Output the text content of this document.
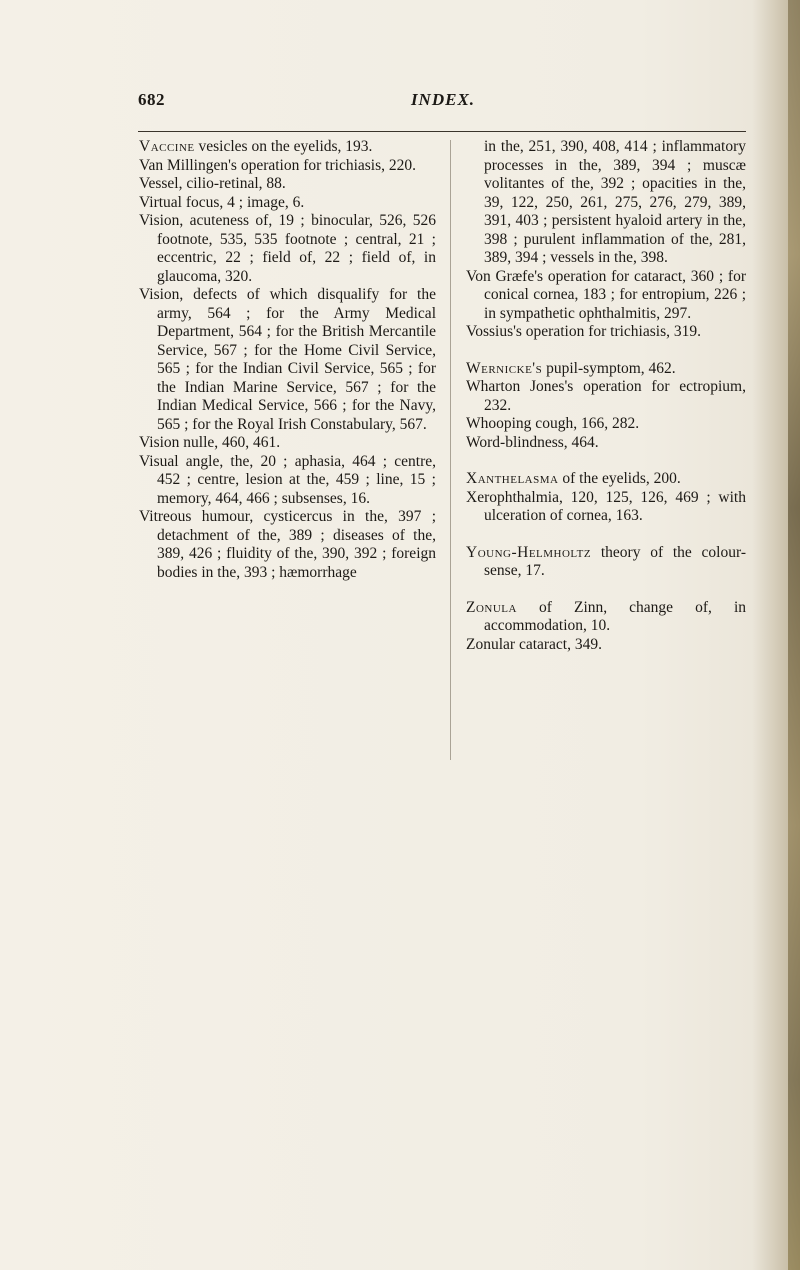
682	INDEX.

Vaccine vesicles on the eyelids, 193.

Van Millingen's operation for trichiasis, 220.

Vessel, cilio-retinal, 88.

Virtual focus, 4 ; image, 6.

Vision, acuteness of, 19 ; binocular, 526, 526 footnote, 535, 535 footnote ; central, 21 ; eccentric, 22 ; field of, 22 ; field of, in glaucoma, 320.

Vision, defects of which disqualify for the army, 564 ; for the Army Medical Department, 564 ; for the British Mercantile Service, 567 ; for the Home Civil Service, 565 ; for the Indian Civil Service, 565 ; for the Indian Marine Service, 567 ; for the Indian Medical Service, 566 ; for the Navy, 565 ; for the Royal Irish Constabulary, 567.

Vision nulle, 460, 461.

Visual angle, the, 20 ; aphasia, 464 ; centre, 452 ; centre, lesion at the, 459 ; line, 15 ; memory, 464, 466 ; subsenses, 16.

Vitreous humour, cysticercus in the, 397 ; detachment of the, 389 ; diseases of the, 389, 426 ; fluidity of the, 390, 392 ; foreign bodies in the, 393 ; hæmorrhage

in the, 251, 390, 408, 414 ; inflammatory processes in the, 389, 394 ; muscæ volitantes of the, 392 ; opacities in the, 39, 122, 250, 261, 275, 276, 279, 389, 391, 403 ; persistent hyaloid artery in the, 398 ; purulent inflammation of the, 281, 389, 394 ; vessels in the, 398.

Von Græfe's operation for cataract, 360 ; for conical cornea, 183 ; for entropium, 226 ; in sympathetic ophthalmitis, 297.

Vossius's operation for trichiasis, 319.

Wernicke's pupil-symptom, 462.

Wharton Jones's operation for ectropium, 232.

Whooping cough, 166, 282.

Word-blindness, 464.

Xanthelasma of the eyelids, 200.

Xerophthalmia, 120, 125, 126, 469 ; with ulceration of cornea, 163.

Young-Helmholtz theory of the colour-sense, 17.

Zonula of Zinn, change of, in accommodation, 10.

Zonular cataract, 349.
